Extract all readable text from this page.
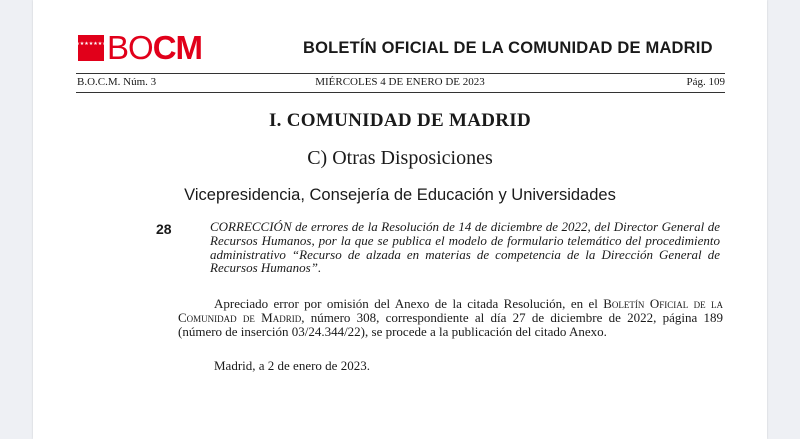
★★★★★★★ BOCM	BOLETÍN OFICIAL DE LA COMUNIDAD DE MADRID
B.O.C.M. Núm. 3	MIÉRCOLES 4 DE ENERO DE 2023	Pág. 109
I. COMUNIDAD DE MADRID
C) Otras Disposiciones
Vicepresidencia, Consejería de Educación y Universidades
28	CORRECCIÓN de errores de la Resolución de 14 de diciembre de 2022, del Director General de Recursos Humanos, por la que se publica el modelo de formulario telemático del procedimiento administrativo “Recurso de alzada en materias de competencia de la Dirección General de Recursos Humanos”.

Apreciado error por omisión del Anexo de la citada Resolución, en el Boletín Oficial de la Comunidad de Madrid, número 308, correspondiente al día 27 de diciembre de 2022, página 189 (número de inserción 03/24.344/22), se procede a la publicación del citado Anexo.

Madrid, a 2 de enero de 2023.
